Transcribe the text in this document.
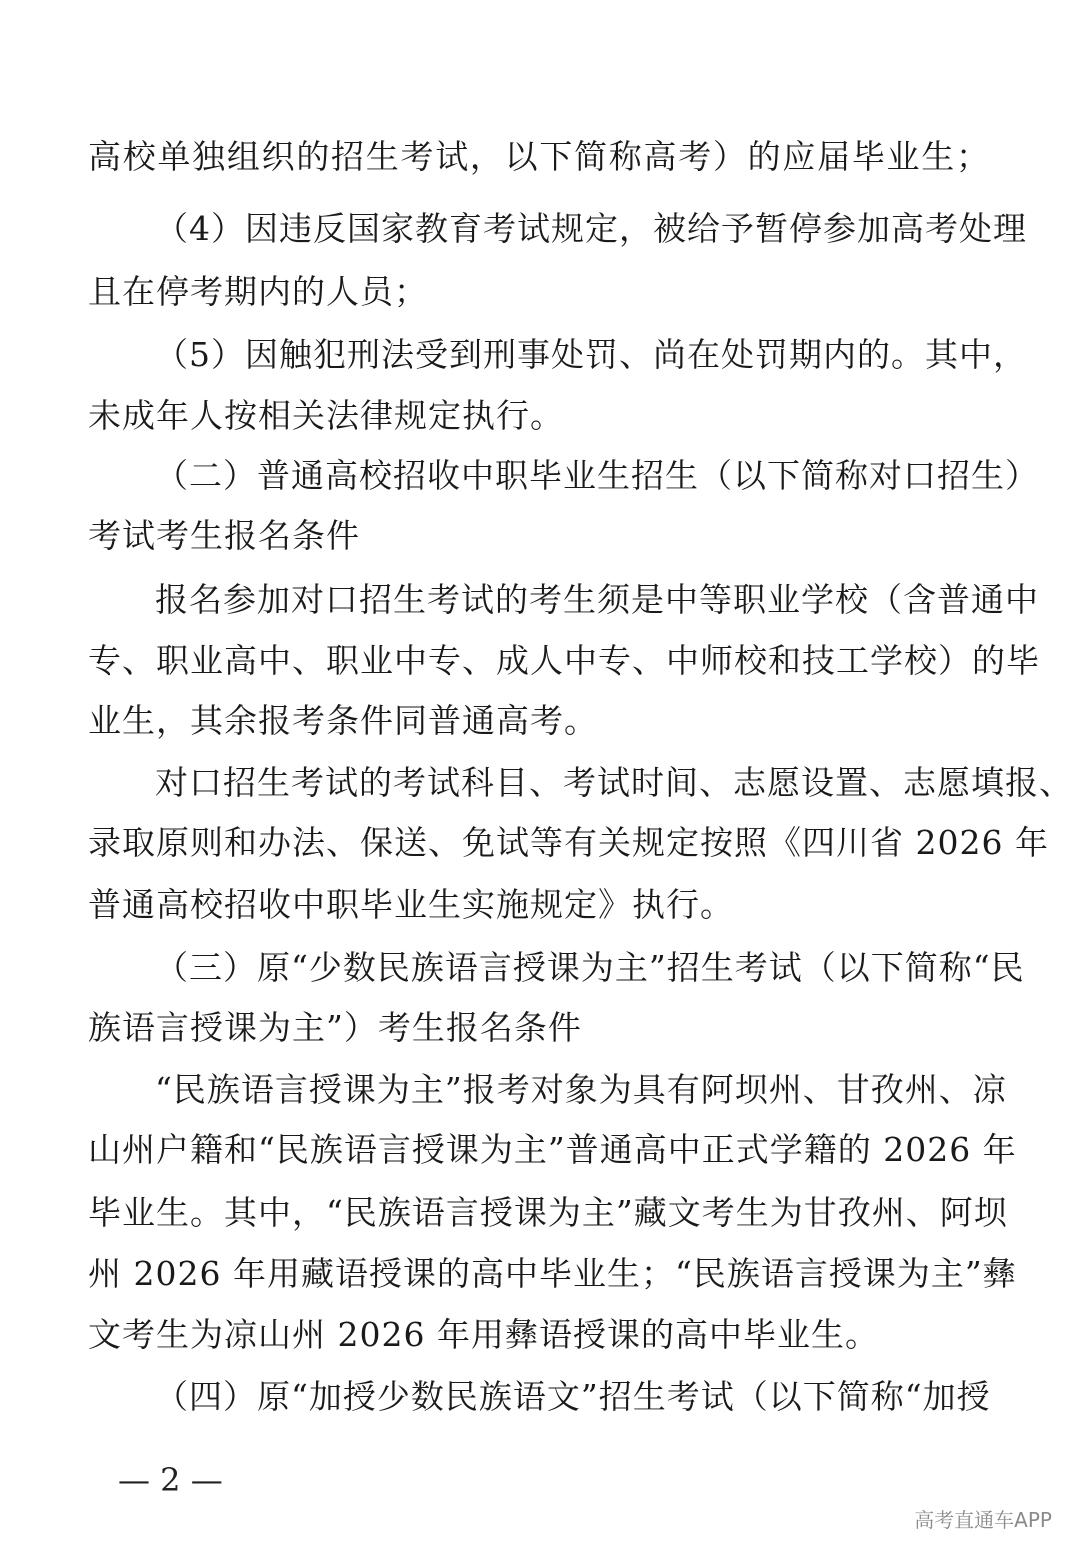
高校单独组织的招生考试，以下简称高考）的应届毕业生；
（4）因违反国家教育考试规定，被给予暂停参加高考处理
且在停考期内的人员；
（5）因触犯刑法受到刑事处罚、尚在处罚期内的。其中，
未成年人按相关法律规定执行。
（二）普通高校招收中职毕业生招生（以下简称对口招生）
考试考生报名条件
报名参加对口招生考试的考生须是中等职业学校（含普通中
专、职业高中、职业中专、成人中专、中师校和技工学校）的毕
业生，其余报考条件同普通高考。
对口招生考试的考试科目、考试时间、志愿设置、志愿填报、
录取原则和办法、保送、免试等有关规定按照《四川省 2026 年
普通高校招收中职毕业生实施规定》执行。
（三）原“少数民族语言授课为主”招生考试（以下简称“民
族语言授课为主”）考生报名条件
“民族语言授课为主”报考对象为具有阿坝州、甘孜州、凉
山州户籍和“民族语言授课为主”普通高中正式学籍的 2026 年
毕业生。其中，“民族语言授课为主”藏文考生为甘孜州、阿坝
州 2026 年用藏语授课的高中毕业生；“民族语言授课为主”彝
文考生为凉山州 2026 年用彝语授课的高中毕业生。
（四）原“加授少数民族语文”招生考试（以下简称“加授
— 2 —
高考直通车APP
